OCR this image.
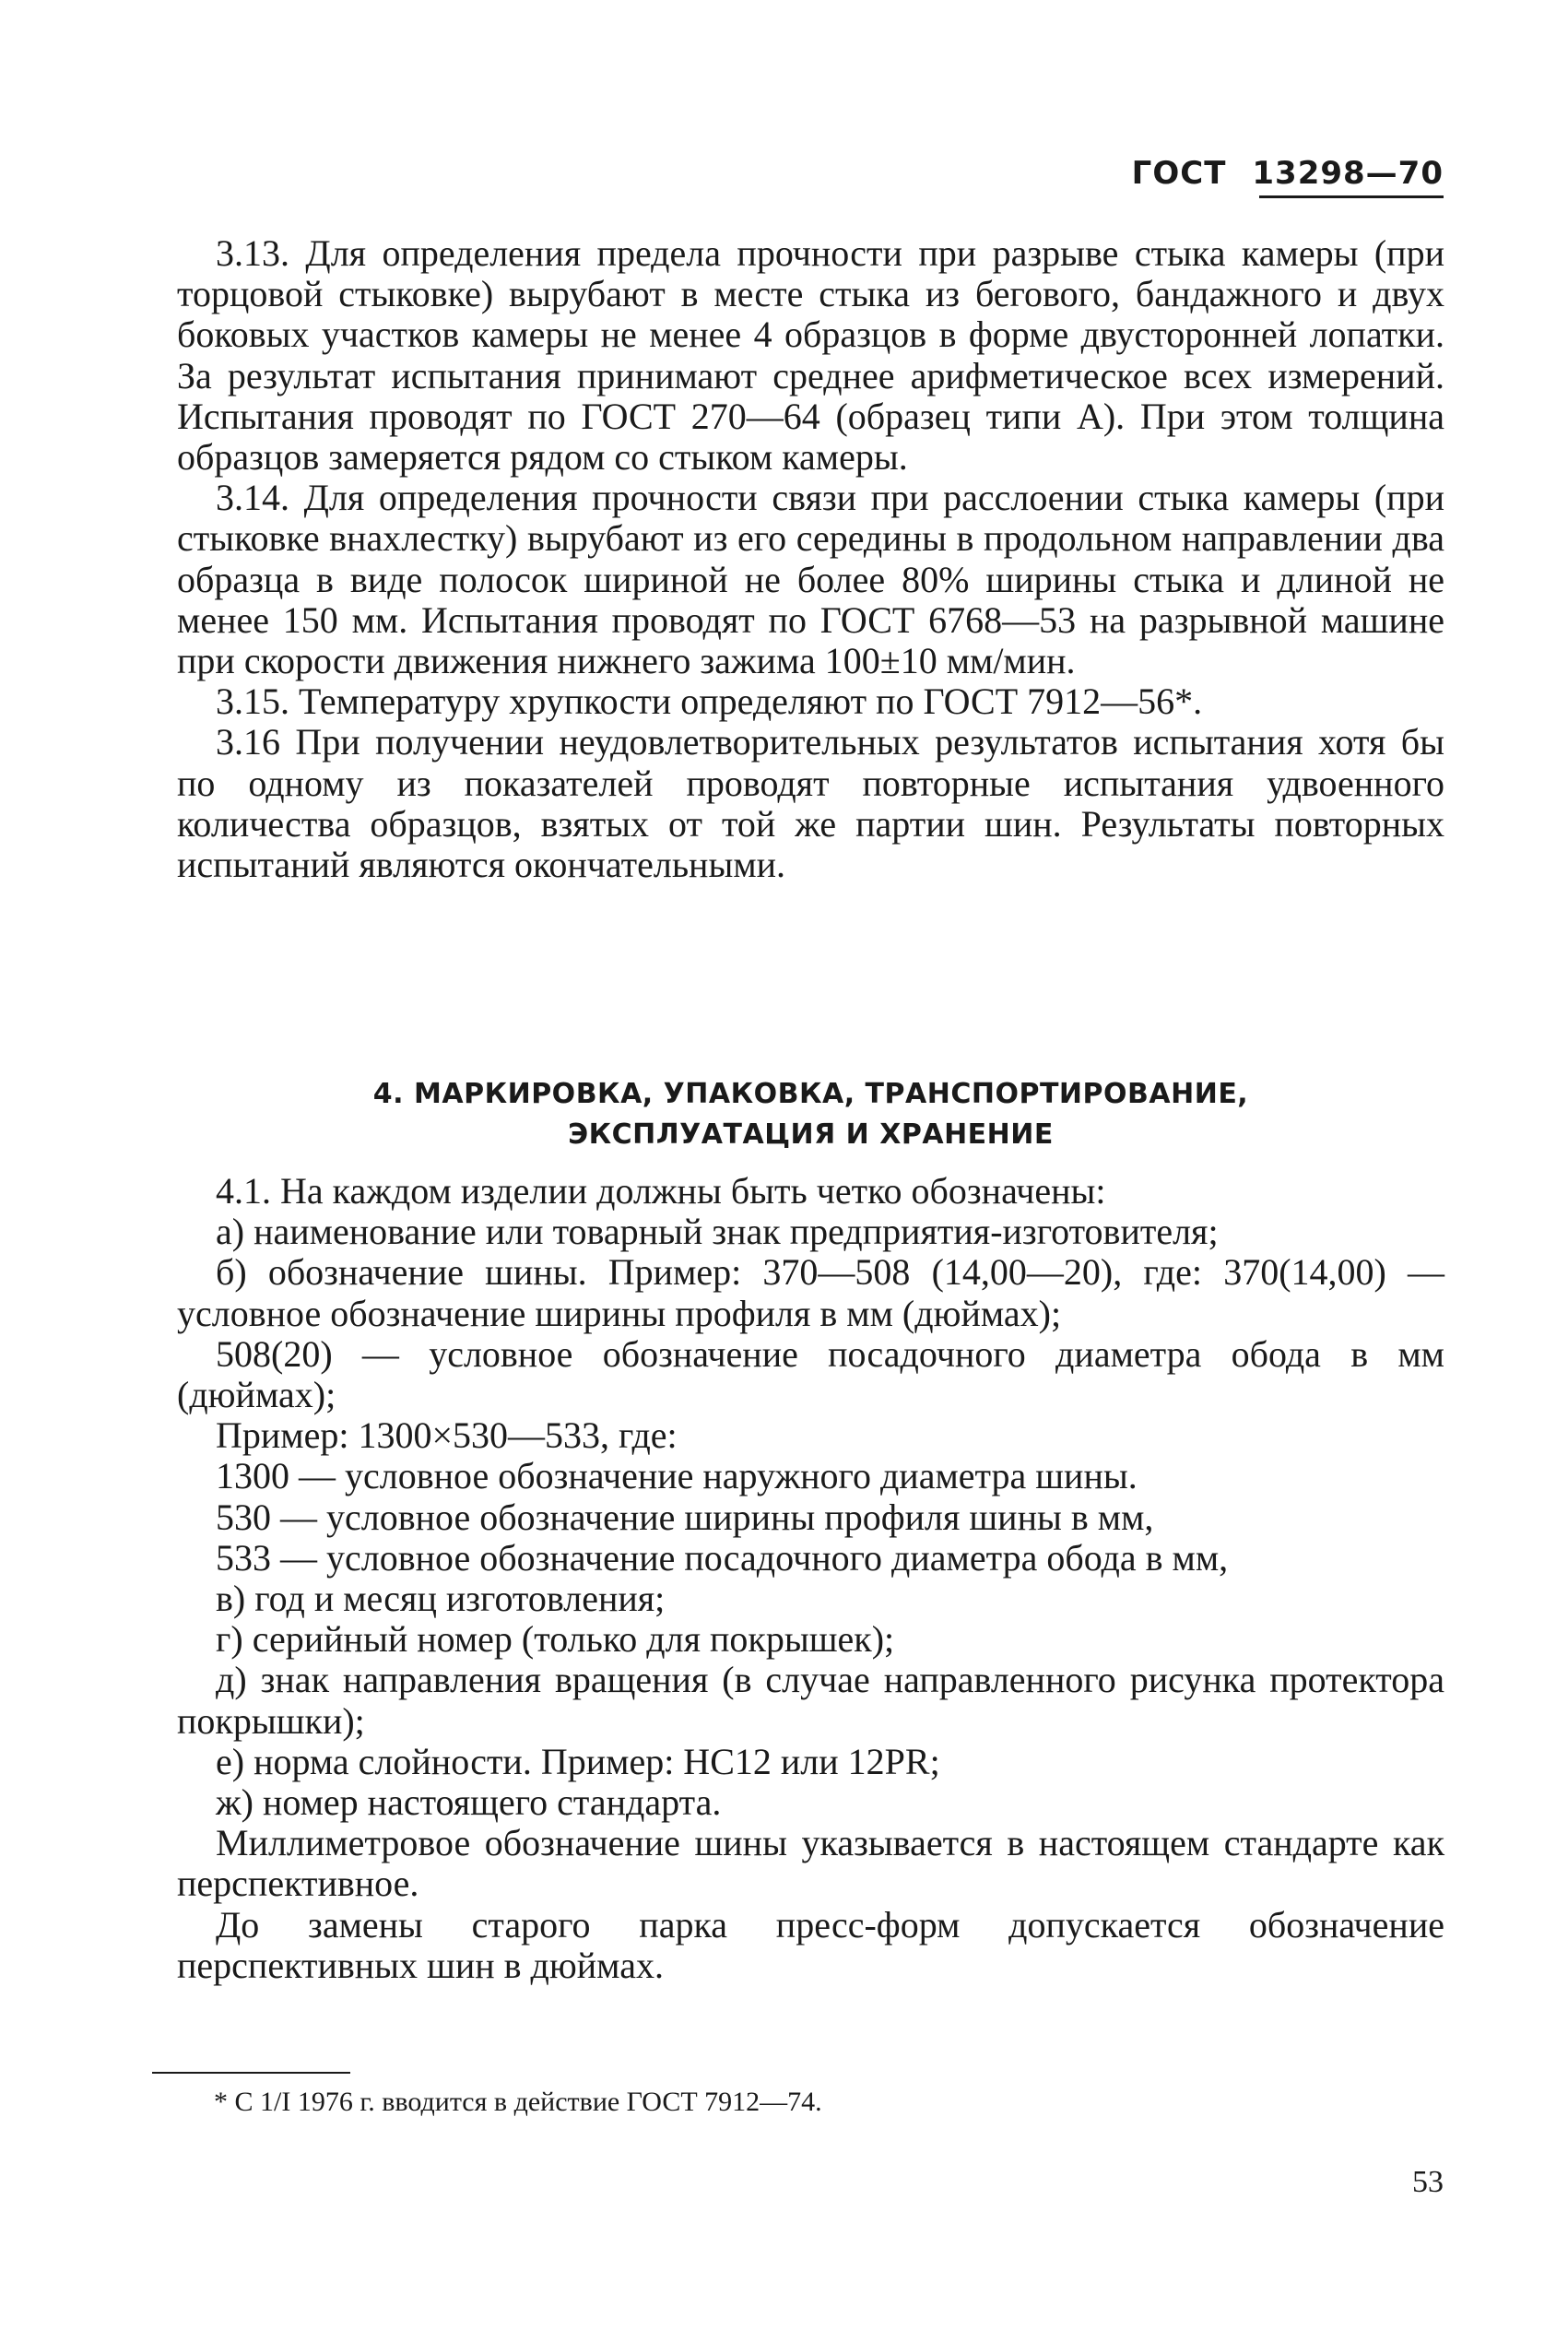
ГОСТ 13298—70

3.13. Для определения предела прочности при разрыве стыка камеры (при торцовой стыковке) вырубают в месте стыка из бегового, бандажного и двух боковых участков камеры не менее 4 образцов в форме двусторонней лопатки. За результат испытания принимают среднее арифметическое всех измерений. Испытания проводят по ГОСТ 270—64 (образец типи А). При этом толщина образцов замеряется рядом со стыком камеры.

3.14. Для определения прочности связи при расслоении стыка камеры (при стыковке внахлестку) вырубают из его середины в продольном направлении два образца в виде полосок шириной не более 80% ширины стыка и длиной не менее 150 мм. Испытания проводят по ГОСТ 6768—53 на разрывной машине при скорости движения нижнего зажима 100±10 мм/мин.

3.15. Температуру хрупкости определяют по ГОСТ 7912—56*.

3.16 При получении неудовлетворительных результатов испытания хотя бы по одному из показателей проводят повторные испытания удвоенного количества образцов, взятых от той же партии шин. Результаты повторных испытаний являются окончательными.

4. МАРКИРОВКА, УПАКОВКА, ТРАНСПОРТИРОВАНИЕ,
ЭКСПЛУАТАЦИЯ И ХРАНЕНИЕ

4.1. На каждом изделии должны быть четко обозначены:

а) наименование или товарный знак предприятия-изготовителя;

б) обозначение шины. Пример: 370—508 (14,00—20), где: 370(14,00) — условное обозначение ширины профиля в мм (дюймах);

508(20) — условное обозначение посадочного диаметра обода в мм (дюймах);

Пример: 1300×530—533, где:

1300 — условное обозначение наружного диаметра шины.

530 — условное обозначение ширины профиля шины в мм,

533 — условное обозначение посадочного диаметра обода в мм,

в) год и месяц изготовления;

г) серийный номер (только для покрышек);

д) знак направления вращения (в случае направленного рисунка протектора покрышки);

е) норма слойности. Пример: НС12 или 12PR;

ж) номер настоящего стандарта.

Миллиметровое обозначение шины указывается в настоящем стандарте как перспективное.

До замены старого парка пресс-форм допускается обозначение перспективных шин в дюймах.

* С 1/I 1976 г. вводится в действие ГОСТ 7912—74.
53
